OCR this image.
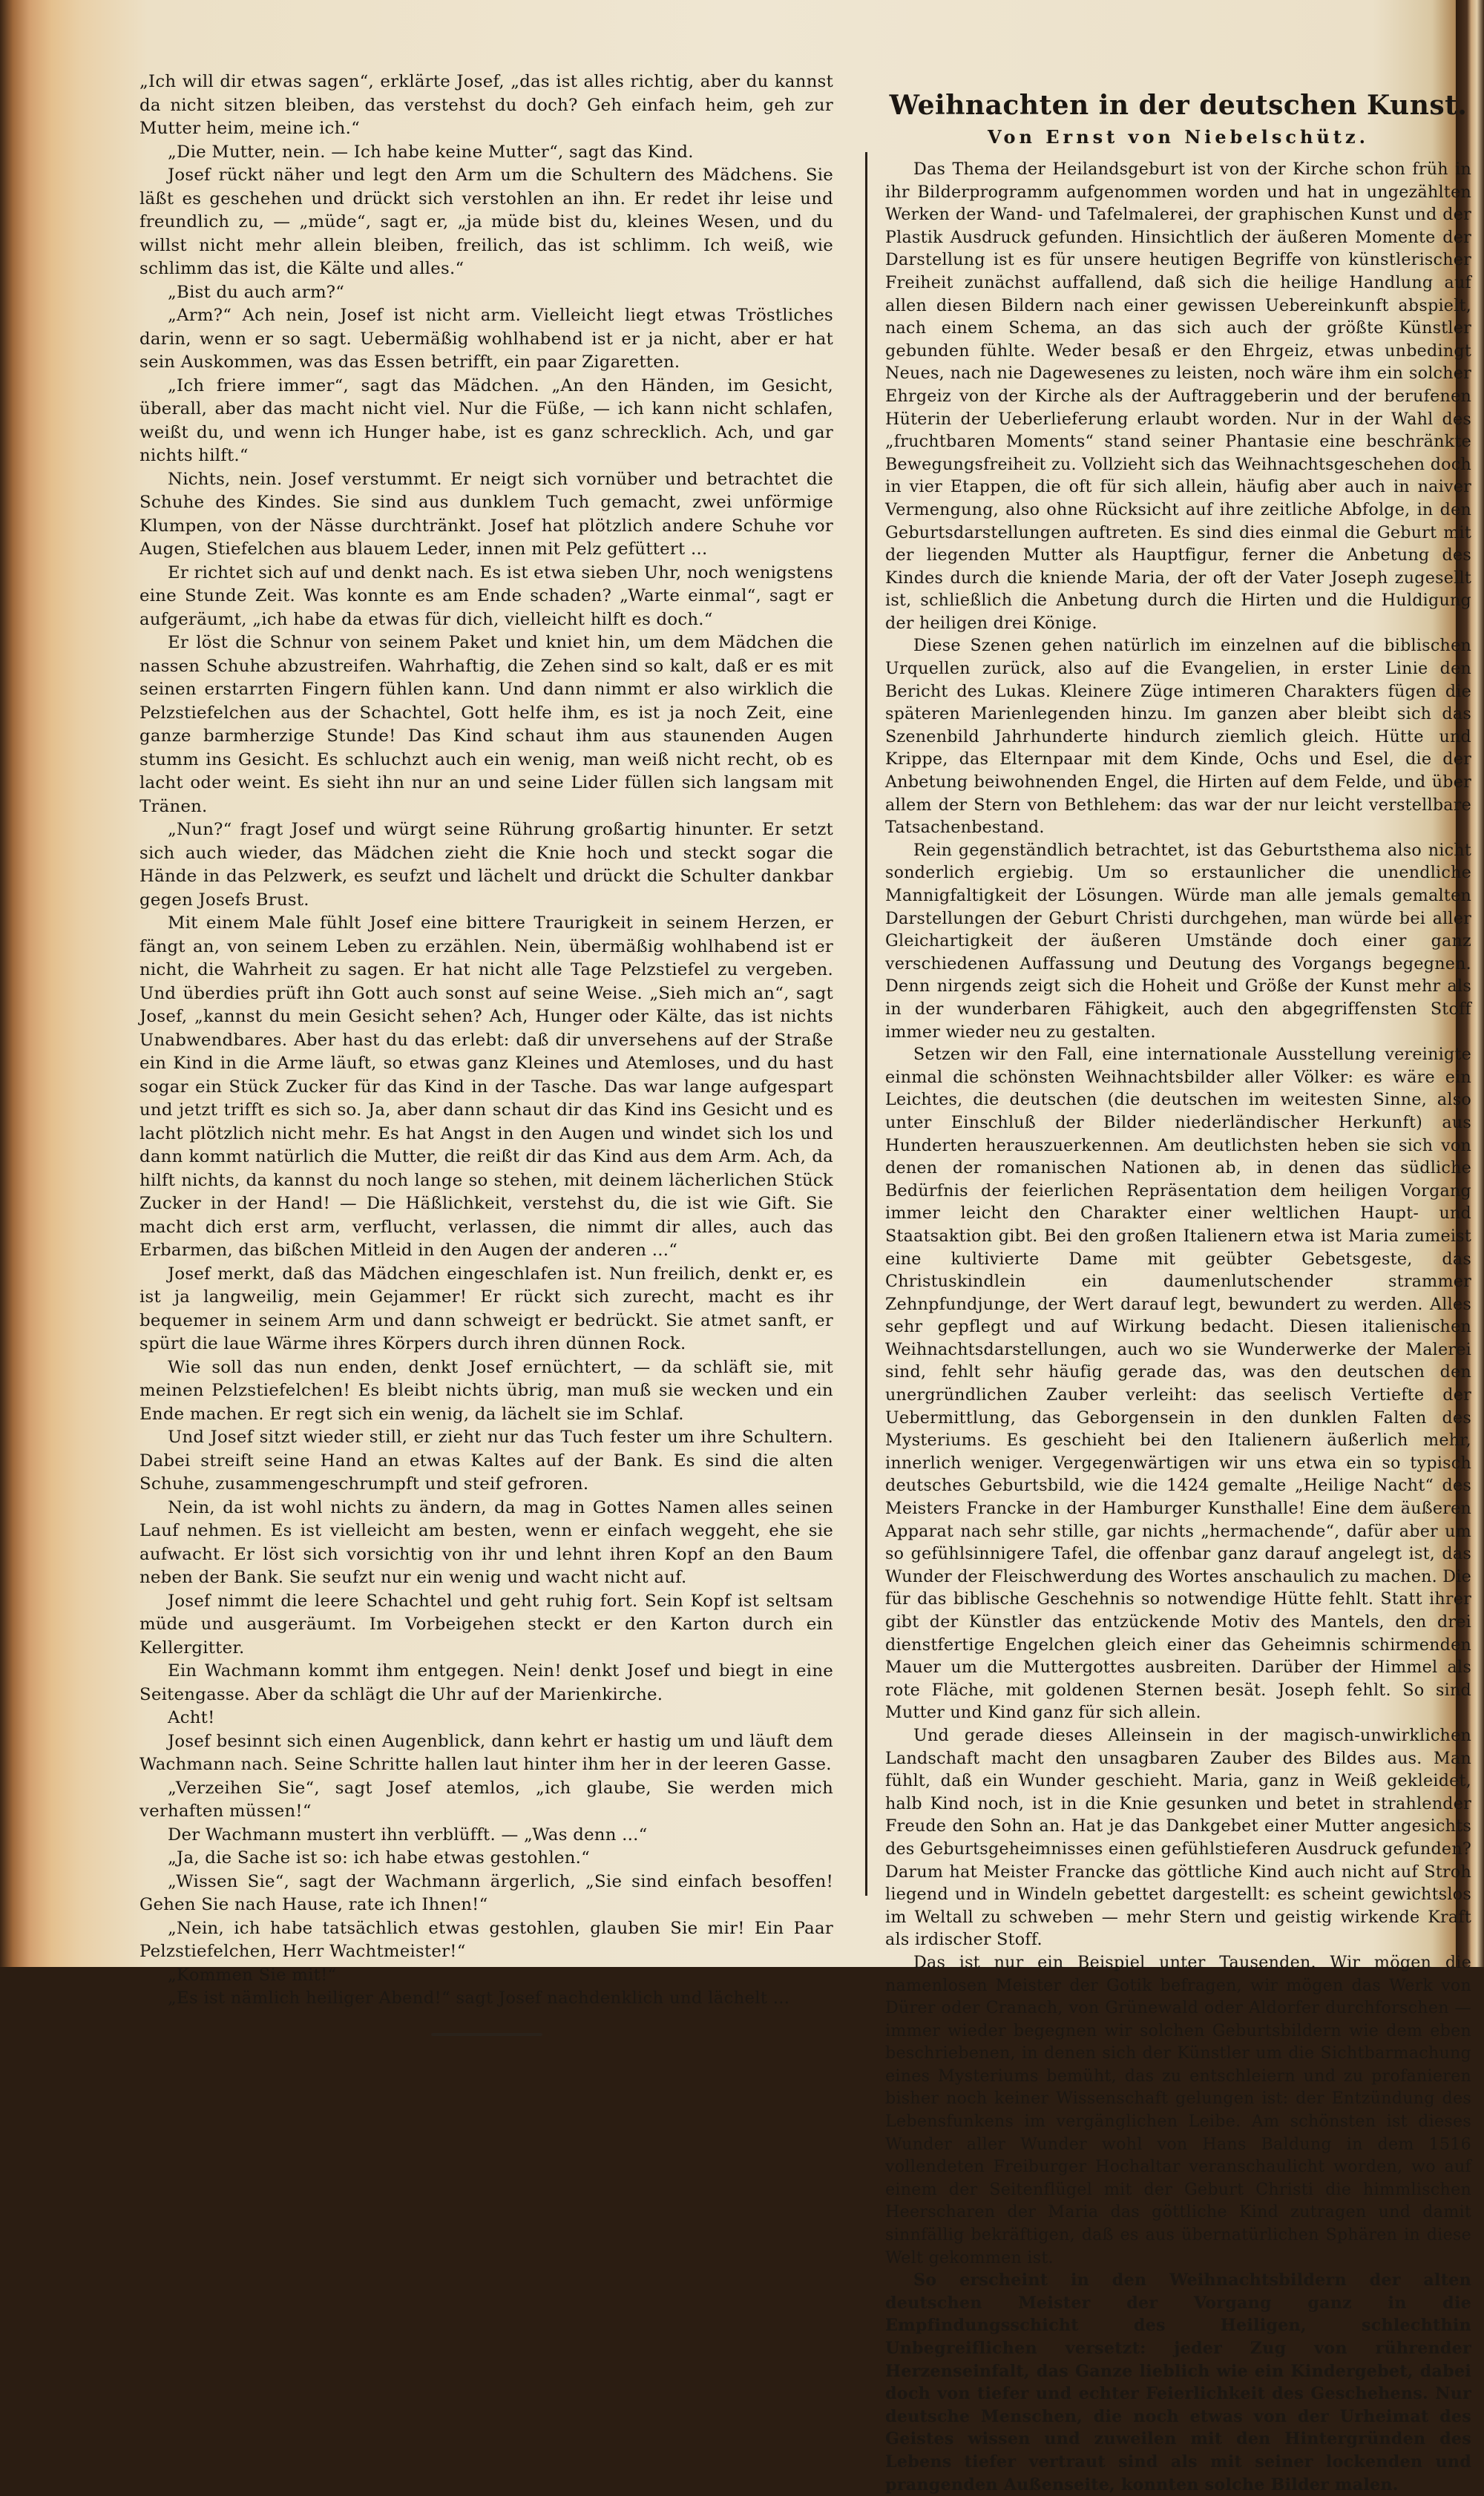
„Ich will dir etwas sagen“, erklärte Josef, „das ist alles richtig, aber du kannst da nicht sitzen bleiben, das verstehst du doch? Geh einfach heim, geh zur Mutter heim, meine ich.“

„Die Mutter, nein. — Ich habe keine Mutter“, sagt das Kind.

Josef rückt näher und legt den Arm um die Schultern des Mädchens. Sie läßt es geschehen und drückt sich verstohlen an ihn. Er redet ihr leise und freundlich zu, — „müde“, sagt er, „ja müde bist du, kleines Wesen, und du willst nicht mehr allein bleiben, freilich, das ist schlimm. Ich weiß, wie schlimm das ist, die Kälte und alles.“

„Bist du auch arm?“

„Arm?“ Ach nein, Josef ist nicht arm. Vielleicht liegt etwas Tröstliches darin, wenn er so sagt. Uebermäßig wohlhabend ist er ja nicht, aber er hat sein Auskommen, was das Essen betrifft, ein paar Zigaretten.

„Ich friere immer“, sagt das Mädchen. „An den Händen, im Gesicht, überall, aber das macht nicht viel. Nur die Füße, — ich kann nicht schlafen, weißt du, und wenn ich Hunger habe, ist es ganz schrecklich. Ach, und gar nichts hilft.“

Nichts, nein. Josef verstummt. Er neigt sich vornüber und betrachtet die Schuhe des Kindes. Sie sind aus dunklem Tuch gemacht, zwei unförmige Klumpen, von der Nässe durchtränkt. Josef hat plötzlich andere Schuhe vor Augen, Stiefelchen aus blauem Leder, innen mit Pelz gefüttert ...

Er richtet sich auf und denkt nach. Es ist etwa sieben Uhr, noch wenigstens eine Stunde Zeit. Was konnte es am Ende schaden? „Warte einmal“, sagt er aufgeräumt, „ich habe da etwas für dich, vielleicht hilft es doch.“

Er löst die Schnur von seinem Paket und kniet hin, um dem Mädchen die nassen Schuhe abzustreifen. Wahrhaftig, die Zehen sind so kalt, daß er es mit seinen erstarrten Fingern fühlen kann. Und dann nimmt er also wirklich die Pelzstiefelchen aus der Schachtel, Gott helfe ihm, es ist ja noch Zeit, eine ganze barmherzige Stunde! Das Kind schaut ihm aus staunenden Augen stumm ins Gesicht. Es schluchzt auch ein wenig, man weiß nicht recht, ob es lacht oder weint. Es sieht ihn nur an und seine Lider füllen sich langsam mit Tränen.

„Nun?“ fragt Josef und würgt seine Rührung großartig hinunter. Er setzt sich auch wieder, das Mädchen zieht die Knie hoch und steckt sogar die Hände in das Pelzwerk, es seufzt und lächelt und drückt die Schulter dankbar gegen Josefs Brust.

Mit einem Male fühlt Josef eine bittere Traurigkeit in seinem Herzen, er fängt an, von seinem Leben zu erzählen. Nein, übermäßig wohlhabend ist er nicht, die Wahrheit zu sagen. Er hat nicht alle Tage Pelzstiefel zu vergeben. Und überdies prüft ihn Gott auch sonst auf seine Weise. „Sieh mich an“, sagt Josef, „kannst du mein Gesicht sehen? Ach, Hunger oder Kälte, das ist nichts Unabwendbares. Aber hast du das erlebt: daß dir unversehens auf der Straße ein Kind in die Arme läuft, so etwas ganz Kleines und Atemloses, und du hast sogar ein Stück Zucker für das Kind in der Tasche. Das war lange aufgespart und jetzt trifft es sich so. Ja, aber dann schaut dir das Kind ins Gesicht und es lacht plötzlich nicht mehr. Es hat Angst in den Augen und windet sich los und dann kommt natürlich die Mutter, die reißt dir das Kind aus dem Arm. Ach, da hilft nichts, da kannst du noch lange so stehen, mit deinem lächerlichen Stück Zucker in der Hand! — Die Häßlichkeit, verstehst du, die ist wie Gift. Sie macht dich erst arm, verflucht, verlassen, die nimmt dir alles, auch das Erbarmen, das bißchen Mitleid in den Augen der anderen ...“

Josef merkt, daß das Mädchen eingeschlafen ist. Nun freilich, denkt er, es ist ja langweilig, mein Gejammer! Er rückt sich zurecht, macht es ihr bequemer in seinem Arm und dann schweigt er bedrückt. Sie atmet sanft, er spürt die laue Wärme ihres Körpers durch ihren dünnen Rock.

Wie soll das nun enden, denkt Josef ernüchtert, — da schläft sie, mit meinen Pelzstiefelchen! Es bleibt nichts übrig, man muß sie wecken und ein Ende machen. Er regt sich ein wenig, da lächelt sie im Schlaf.

Und Josef sitzt wieder still, er zieht nur das Tuch fester um ihre Schultern. Dabei streift seine Hand an etwas Kaltes auf der Bank. Es sind die alten Schuhe, zusammengeschrumpft und steif gefroren.

Nein, da ist wohl nichts zu ändern, da mag in Gottes Namen alles seinen Lauf nehmen. Es ist vielleicht am besten, wenn er einfach weggeht, ehe sie aufwacht. Er löst sich vorsichtig von ihr und lehnt ihren Kopf an den Baum neben der Bank. Sie seufzt nur ein wenig und wacht nicht auf.

Josef nimmt die leere Schachtel und geht ruhig fort. Sein Kopf ist seltsam müde und ausgeräumt. Im Vorbeigehen steckt er den Karton durch ein Kellergitter.

Ein Wachmann kommt ihm entgegen. Nein! denkt Josef und biegt in eine Seitengasse. Aber da schlägt die Uhr auf der Marienkirche.

Acht!

Josef besinnt sich einen Augenblick, dann kehrt er hastig um und läuft dem Wachmann nach. Seine Schritte hallen laut hinter ihm her in der leeren Gasse.

„Verzeihen Sie“, sagt Josef atemlos, „ich glaube, Sie werden mich verhaften müssen!“

Der Wachmann mustert ihn verblüfft. — „Was denn ...“

„Ja, die Sache ist so: ich habe etwas gestohlen.“

„Wissen Sie“, sagt der Wachmann ärgerlich, „Sie sind einfach besoffen! Gehen Sie nach Hause, rate ich Ihnen!“

„Nein, ich habe tatsächlich etwas gestohlen, glauben Sie mir! Ein Paar Pelzstiefelchen, Herr Wachtmeister!“

„Kommen Sie mit!“

„Es ist nämlich heiliger Abend!“ sagt Josef nachdenklich und lächelt ...

Weihnachten in der deutschen Kunst.
Von Ernst von Niebelschütz.

Das Thema der Heilandsgeburt ist von der Kirche schon früh in ihr Bilderprogramm aufgenommen worden und hat in ungezählten Werken der Wand- und Tafelmalerei, der graphischen Kunst und der Plastik Ausdruck gefunden. Hinsichtlich der äußeren Momente der Darstellung ist es für unsere heutigen Begriffe von künstlerischer Freiheit zunächst auffallend, daß sich die heilige Handlung auf allen diesen Bildern nach einer gewissen Uebereinkunft abspielt, nach einem Schema, an das sich auch der größte Künstler gebunden fühlte. Weder besaß er den Ehrgeiz, etwas unbedingt Neues, nach nie Dagewesenes zu leisten, noch wäre ihm ein solcher Ehrgeiz von der Kirche als der Auftraggeberin und der berufenen Hüterin der Ueberlieferung erlaubt worden. Nur in der Wahl des „fruchtbaren Moments“ stand seiner Phantasie eine beschränkte Bewegungsfreiheit zu. Vollzieht sich das Weihnachtsgeschehen doch in vier Etappen, die oft für sich allein, häufig aber auch in naiver Vermengung, also ohne Rücksicht auf ihre zeitliche Abfolge, in den Geburtsdarstellungen auftreten. Es sind dies einmal die Geburt mit der liegenden Mutter als Hauptfigur, ferner die Anbetung des Kindes durch die kniende Maria, der oft der Vater Joseph zugesellt ist, schließlich die Anbetung durch die Hirten und die Huldigung der heiligen drei Könige.

Diese Szenen gehen natürlich im einzelnen auf die biblischen Urquellen zurück, also auf die Evangelien, in erster Linie den Bericht des Lukas. Kleinere Züge intimeren Charakters fügen die späteren Marienlegenden hinzu. Im ganzen aber bleibt sich das Szenenbild Jahrhunderte hindurch ziemlich gleich. Hütte und Krippe, das Elternpaar mit dem Kinde, Ochs und Esel, die der Anbetung beiwohnenden Engel, die Hirten auf dem Felde, und über allem der Stern von Bethlehem: das war der nur leicht verstellbare Tatsachenbestand.

Rein gegenständlich betrachtet, ist das Geburtsthema also nicht sonderlich ergiebig. Um so erstaunlicher die unendliche Mannigfaltigkeit der Lösungen. Würde man alle jemals gemalten Darstellungen der Geburt Christi durchgehen, man würde bei aller Gleichartigkeit der äußeren Umstände doch einer ganz verschiedenen Auffassung und Deutung des Vorgangs begegnen. Denn nirgends zeigt sich die Hoheit und Größe der Kunst mehr als in der wunderbaren Fähigkeit, auch den abgegriffensten Stoff immer wieder neu zu gestalten.

Setzen wir den Fall, eine internationale Ausstellung vereinigte einmal die schönsten Weihnachtsbilder aller Völker: es wäre ein Leichtes, die deutschen (die deutschen im weitesten Sinne, also unter Einschluß der Bilder niederländischer Herkunft) aus Hunderten herauszuerkennen. Am deutlichsten heben sie sich von denen der romanischen Nationen ab, in denen das südliche Bedürfnis der feierlichen Repräsentation dem heiligen Vorgang immer leicht den Charakter einer weltlichen Haupt- und Staatsaktion gibt. Bei den großen Italienern etwa ist Maria zumeist eine kultivierte Dame mit geübter Gebetsgeste, das Christuskindlein ein daumenlutschender strammer Zehnpfundjunge, der Wert darauf legt, bewundert zu werden. Alles sehr gepflegt und auf Wirkung bedacht. Diesen italienischen Weihnachtsdarstellungen, auch wo sie Wunderwerke der Malerei sind, fehlt sehr häufig gerade das, was den deutschen den unergründlichen Zauber verleiht: das seelisch Vertiefte der Uebermittlung, das Geborgensein in den dunklen Falten des Mysteriums. Es geschieht bei den Italienern äußerlich mehr, innerlich weniger. Vergegenwärtigen wir uns etwa ein so typisch deutsches Geburtsbild, wie die 1424 gemalte „Heilige Nacht“ des Meisters Francke in der Hamburger Kunsthalle! Eine dem äußeren Apparat nach sehr stille, gar nichts „hermachende“, dafür aber um so gefühlsinnigere Tafel, die offenbar ganz darauf angelegt ist, das Wunder der Fleischwerdung des Wortes anschaulich zu machen. Die für das biblische Geschehnis so notwendige Hütte fehlt. Statt ihrer gibt der Künstler das entzückende Motiv des Mantels, den drei dienstfertige Engelchen gleich einer das Geheimnis schirmenden Mauer um die Muttergottes ausbreiten. Darüber der Himmel als rote Fläche, mit goldenen Sternen besät. Joseph fehlt. So sind Mutter und Kind ganz für sich allein.

Und gerade dieses Alleinsein in der magisch-unwirklichen Landschaft macht den unsagbaren Zauber des Bildes aus. Man fühlt, daß ein Wunder geschieht. Maria, ganz in Weiß gekleidet, halb Kind noch, ist in die Knie gesunken und betet in strahlender Freude den Sohn an. Hat je das Dankgebet einer Mutter angesichts des Geburtsgeheimnisses einen gefühlstieferen Ausdruck gefunden? Darum hat Meister Francke das göttliche Kind auch nicht auf Stroh liegend und in Windeln gebettet dargestellt: es scheint gewichtslos im Weltall zu schweben — mehr Stern und geistig wirkende Kraft als irdischer Stoff.

Das ist nur ein Beispiel unter Tausenden. Wir mögen die namenlosen Meister der Gotik befragen, wir mögen das Werk von Dürer oder Cranach, von Grünewald oder Aldorfer durchforschen — immer wieder begegnen wir solchen Geburtsbildern wie dem eben beschriebenen, in denen sich der Künstler um die Sichtbarmachung eines Mysteriums bemüht, das zu entschleiern und zu profanieren bisher noch keiner Wissenschaft gelungen ist: der Entzündung des Lebensfunkens im vergänglichen Leibe. Am schönsten ist dieses Wunder aller Wunder wohl von Hans Baldung in dem 1516 vollendeten Freiburger Hochaltar veranschaulicht worden, wo auf einem der Seitenflügel mit der Geburt Christi die himmlischen Heerscharen der Maria das göttliche Kind zutragen und damit sinnfällig bekräftigen, daß es aus übernatürlichen Sphären in diese Welt gekommen ist.

So erscheint in den Weihnachtsbildern der alten deutschen Meister der Vorgang ganz in die Empfindungsschicht des Heiligen, schlechthin Unbegreiflichen versetzt: jeder Zug von rührender Herzenseinfalt, das Ganze lieblich wie ein Kindergebet, dabei doch von tiefer und echter Feierlichkeit des Geschehens. Nur deutsche Menschen, die noch etwas von der Urheimat des Geistes wissen und zuweilen mit den Hintergründen des Lebens tiefer vertraut sind als mit seiner lockenden und prangenden Außenseite, konnten solche Bilder malen.
